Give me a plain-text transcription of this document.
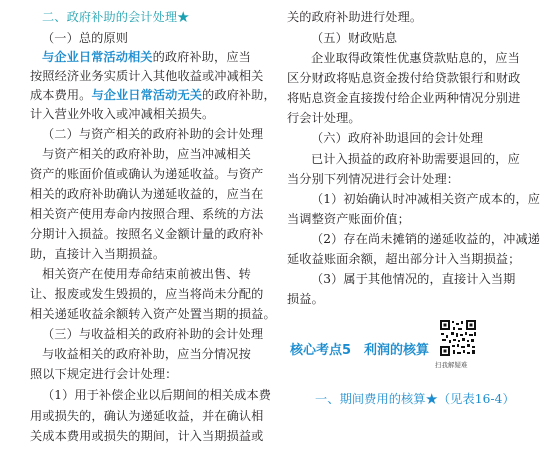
二、政府补助的会计处理★
（一）总的原则
与企业日常活动相关的政府补助，应当
按照经济业务实质计入其他收益或冲减相关
成本费用。与企业日常活动无关的政府补助，
计入营业外收入或冲减相关损失。
（二）与资产相关的政府补助的会计处理
与资产相关的政府补助，应当冲减相关
资产的账面价值或确认为递延收益。与资产
相关的政府补助确认为递延收益的，应当在
相关资产使用寿命内按照合理、系统的方法
分期计入损益。按照名义金额计量的政府补
助，直接计入当期损益。
相关资产在使用寿命结束前被出售、转
让、报废或发生毁损的，应当将尚未分配的
相关递延收益余额转入资产处置当期的损益。
（三）与收益相关的政府补助的会计处理
与收益相关的政府补助，应当分情况按
照以下规定进行会计处理：
（1）用于补偿企业以后期间的相关成本费
用或损失的，确认为递延收益，并在确认相
关成本费用或损失的期间，计入当期损益或
关的政府补助进行处理。
（五）财政贴息
企业取得政策性优惠贷款贴息的，应当
区分财政将贴息资金拨付给贷款银行和财政
将贴息资金直接拨付给企业两种情况分别进
行会计处理。
（六）政府补助退回的会计处理
已计入损益的政府补助需要退回的，应
当分别下列情况进行会计处理：
（1）初始确认时冲减相关资产成本的，应
当调整资产账面价值；
（2）存在尚未摊销的递延收益的，冲减递
延收益账面余额，超出部分计入当期损益；
（3）属于其他情况的，直接计入当期
损益。
核心考点5　利润的核算
扫我解疑难
一、期间费用的核算★（见表16-4）
